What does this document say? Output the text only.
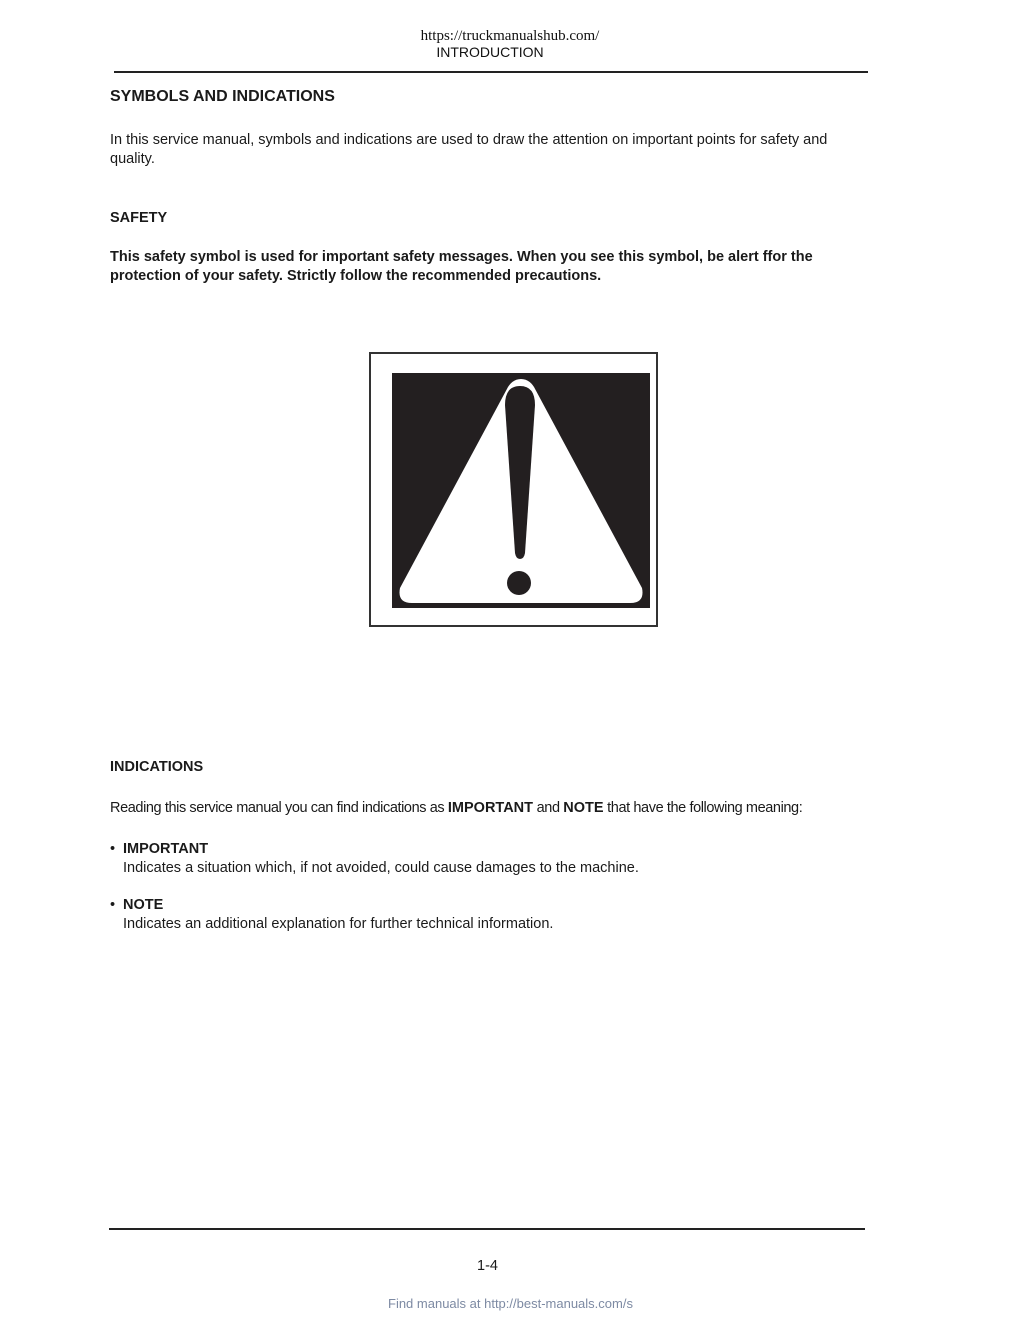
https://truckmanualshub.com/
INTRODUCTION
SYMBOLS AND INDICATIONS
In this service manual, symbols and indications are used to draw the attention on important points for safety and quality.
SAFETY
This safety symbol is used for important safety messages. When you see this symbol, be alert ffor the protection of your safety. Strictly follow the recommended precautions.
INDICATIONS
Reading this service manual you can find indications as IMPORTANT and NOTE that have the following meaning:
• IMPORTANT
Indicates a situation which, if not avoided, could cause damages to the machine.
• NOTE
Indicates an additional explanation for further technical information.
1-4
Find manuals at http://best-manuals.com/s
